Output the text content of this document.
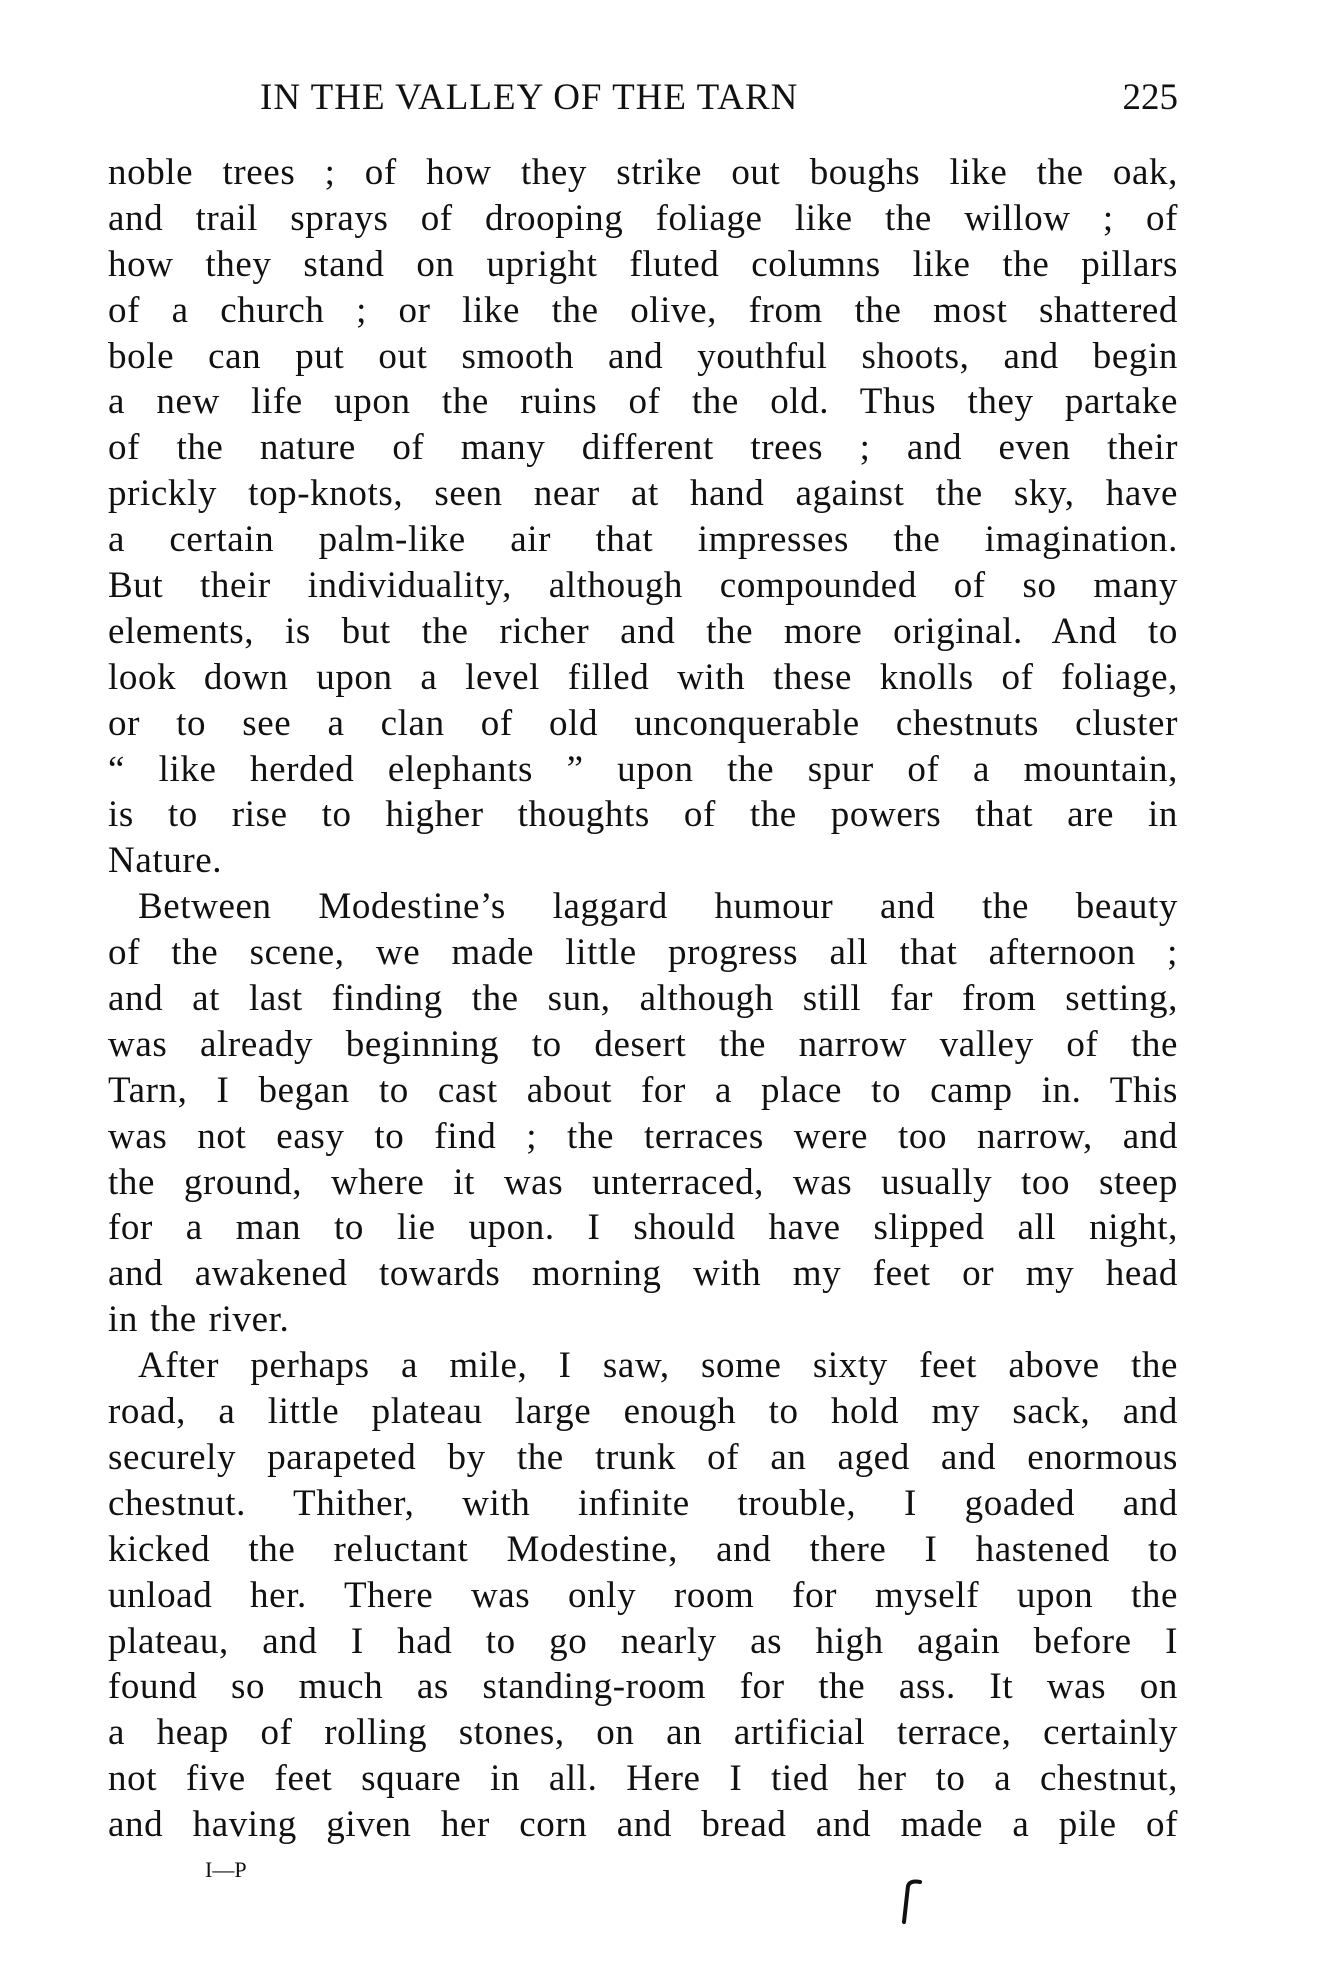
IN THE VALLEY OF THE TARN	225
noble trees ; of how they strike out boughs like the oak,
and trail sprays of drooping foliage like the willow ; of
how they stand on upright fluted columns like the pillars
of a church ; or like the olive, from the most shattered
bole can put out smooth and youthful shoots, and begin
a new life upon the ruins of the old. Thus they partake
of the nature of many different trees ; and even their
prickly top-knots, seen near at hand against the sky, have
a certain palm-like air that impresses the imagination.
But their individuality, although compounded of so many
elements, is but the richer and the more original. And to
look down upon a level filled with these knolls of foliage,
or to see a clan of old unconquerable chestnuts cluster
“ like herded elephants ” upon the spur of a mountain,
is to rise to higher thoughts of the powers that are in
Nature.
Between Modestine’s laggard humour and the beauty
of the scene, we made little progress all that afternoon ;
and at last finding the sun, although still far from setting,
was already beginning to desert the narrow valley of the
Tarn, I began to cast about for a place to camp in. This
was not easy to find ; the terraces were too narrow, and
the ground, where it was unterraced, was usually too steep
for a man to lie upon. I should have slipped all night,
and awakened towards morning with my feet or my head
in the river.
After perhaps a mile, I saw, some sixty feet above the
road, a little plateau large enough to hold my sack, and
securely parapeted by the trunk of an aged and enormous
chestnut. Thither, with infinite trouble, I goaded and
kicked the reluctant Modestine, and there I hastened to
unload her. There was only room for myself upon the
plateau, and I had to go nearly as high again before I
found so much as standing-room for the ass. It was on
a heap of rolling stones, on an artificial terrace, certainly
not five feet square in all. Here I tied her to a chestnut,
and having given her corn and bread and made a pile of
I—P
